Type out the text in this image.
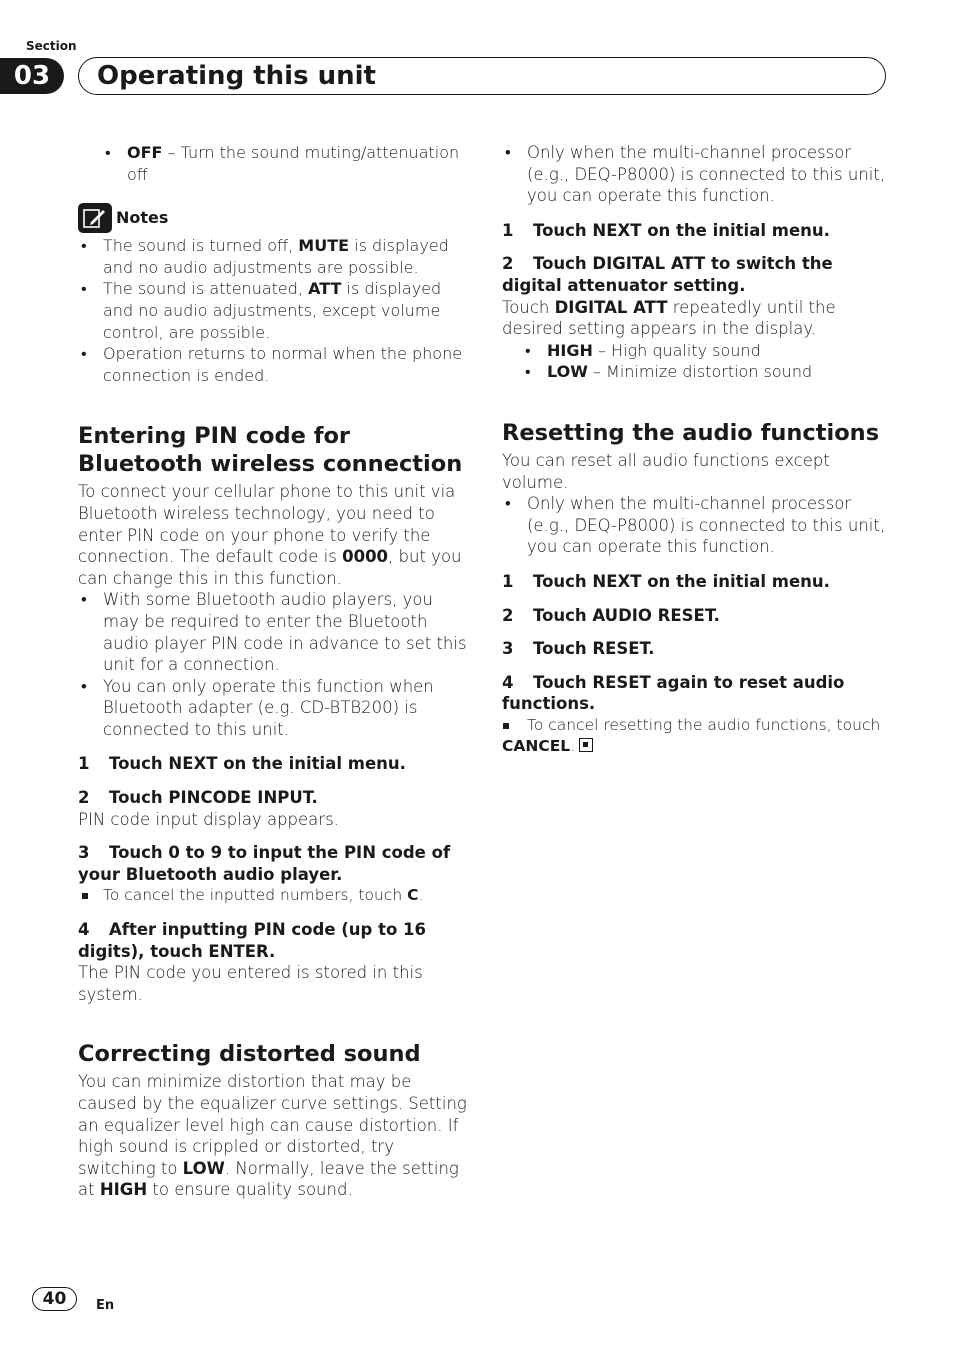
Section
03	Operating this unit

• OFF – Turn the sound muting/attenuation off

Notes

• The sound is turned off, MUTE is displayed and no audio adjustments are possible.

• The sound is attenuated, ATT is displayed and no audio adjustments, except volume control, are possible.

• Operation returns to normal when the phone connection is ended.

Entering PIN code for Bluetooth wireless connection

To connect your cellular phone to this unit via Bluetooth wireless technology, you need to enter PIN code on your phone to verify the connection. The default code is 0000, but you can change this in this function.

• With some Bluetooth audio players, you may be required to enter the Bluetooth audio player PIN code in advance to set this unit for a connection.

• You can only operate this function when Bluetooth adapter (e.g. CD-BTB200) is connected to this unit.

1 Touch NEXT on the initial menu.

2 Touch PINCODE INPUT.

PIN code input display appears.

3 Touch 0 to 9 to input the PIN code of your Bluetooth audio player.

To cancel the inputted numbers, touch C.

4 After inputting PIN code (up to 16 digits), touch ENTER.

The PIN code you entered is stored in this system.

Correcting distorted sound

You can minimize distortion that may be caused by the equalizer curve settings. Setting an equalizer level high can cause distortion. If high sound is crippled or distorted, try switching to LOW. Normally, leave the setting at HIGH to ensure quality sound.

• Only when the multi-channel processor (e.g., DEQ-P8000) is connected to this unit, you can operate this function.

1 Touch NEXT on the initial menu.

2 Touch DIGITAL ATT to switch the digital attenuator setting.

Touch DIGITAL ATT repeatedly until the desired setting appears in the display.

• HIGH – High quality sound

• LOW – Minimize distortion sound

Resetting the audio functions

You can reset all audio functions except volume.

• Only when the multi-channel processor (e.g., DEQ-P8000) is connected to this unit, you can operate this function.

1 Touch NEXT on the initial menu.

2 Touch AUDIO RESET.

3 Touch RESET.

4 Touch RESET again to reset audio functions.

To cancel resetting the audio functions, touch CANCEL.

40	En
